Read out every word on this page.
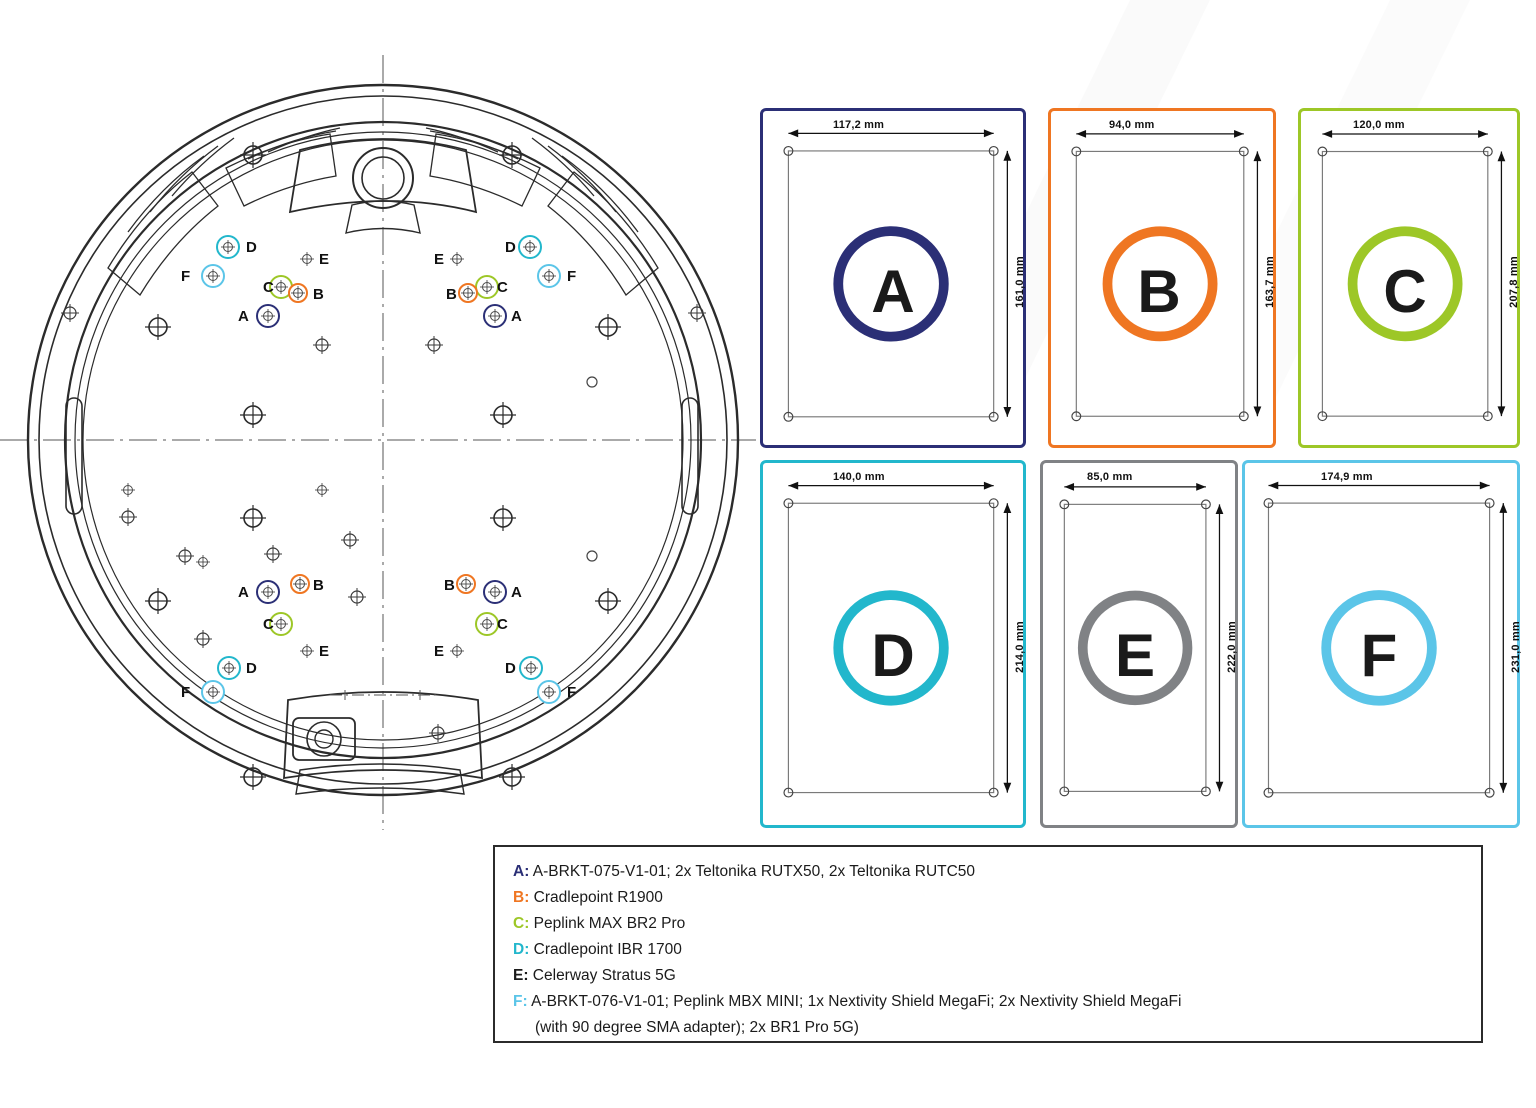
D
F
C	B
A
E
D
F
C
B
A
E
A	B
C
D
F
E
A
B
C
D
F
E
A
117,2 mm
161,0 mm	B
94,0 mm
163,7 mm	C
120,0 mm
207,8 mm
D
140,0 mm
214,0 mm	E
85,0 mm
222,0 mm	F
174,9 mm
231,0 mm
A: A-BRKT-075-V1-01; 2x Teltonika RUTX50, 2x Teltonika RUTC50
B: Cradlepoint R1900
C: Peplink MAX BR2 Pro
D: Cradlepoint IBR 1700
E: Celerway Stratus 5G
F: A-BRKT-076-V1-01; Peplink MBX MINI; 1x Nextivity Shield MegaFi; 2x Nextivity Shield MegaFi
(with 90 degree SMA adapter); 2x BR1 Pro 5G)
